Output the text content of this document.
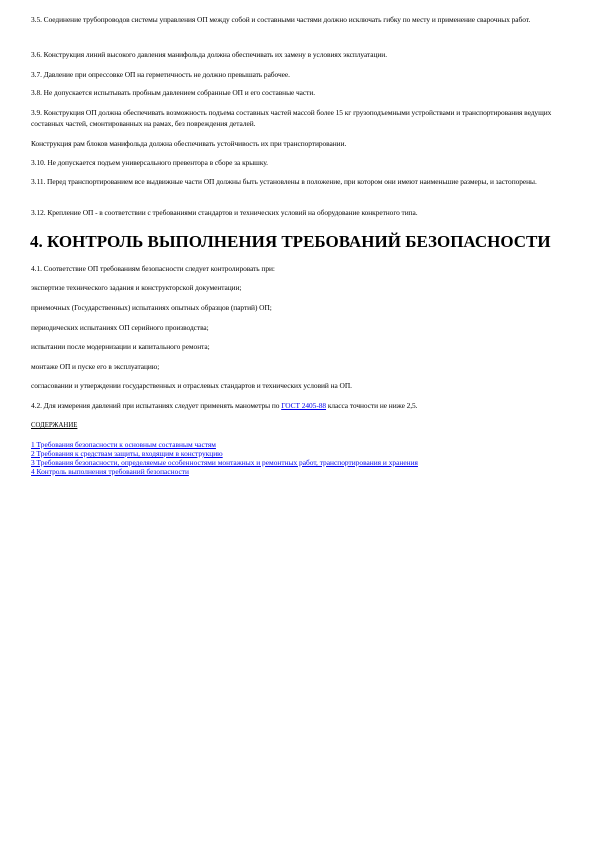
3.5. Соединение трубопроводов системы управления ОП между собой и составными частями должно исключать гибку по месту и применение сварочных работ.

3.6. Конструкция линий высокого давления манифольда должна обеспечивать их замену в условиях эксплуатации.

3.7. Давление при опрессовке ОП на герметичность не должно превышать рабочее.

3.8. Не допускается испытывать пробным давлением собранные ОП и его составные части.

3.9. Конструкция ОП должна обеспечивать возможность подъема составных частей массой более 15 кг грузоподъемными устройствами и транспортирования ведущих составных частей, смонтированных на рамах, без повреждения деталей.

Конструкция рам блоков манифольда должна обеспечивать устойчивость их при транспортировании.

3.10. Не допускается подъем универсального превентора в сборе за крышку.

3.11. Перед транспортированием все выдвижные части ОП должны быть установлены в положение, при котором они имеют наименьшие размеры, и застопорены.

3.12. Крепление ОП - в соответствии с требованиями стандартов и технических условий на оборудование конкретного типа.

4. КОНТРОЛЬ ВЫПОЛНЕНИЯ ТРЕБОВАНИЙ БЕЗОПАСНОСТИ

4.1. Соответствие ОП требованиям безопасности следует контролировать при:

экспертизе технического задания и конструкторской документации;

приемочных (Государственных) испытаниях опытных образцов (партий) ОП;

периодических испытаниях ОП серийного производства;

испытании после модернизации и капитального ремонта;

монтаже ОП и пуске его в эксплуатацию;

согласовании и утверждении государственных и отраслевых стандартов и технических условий на ОП.

4.2. Для измерения давлений при испытаниях следует применять манометры по ГОСТ 2405-88 класса точности не ниже 2,5.

СОДЕРЖАНИЕ

1 Требования безопасности к основным составным частям
2 Требования к средствам защиты, входящим в конструкцию
3 Требования безопасности, определяемые особенностями монтажных и ремонтных работ, транспортирования и хранения
4 Контроль выполнения требований безопасности
